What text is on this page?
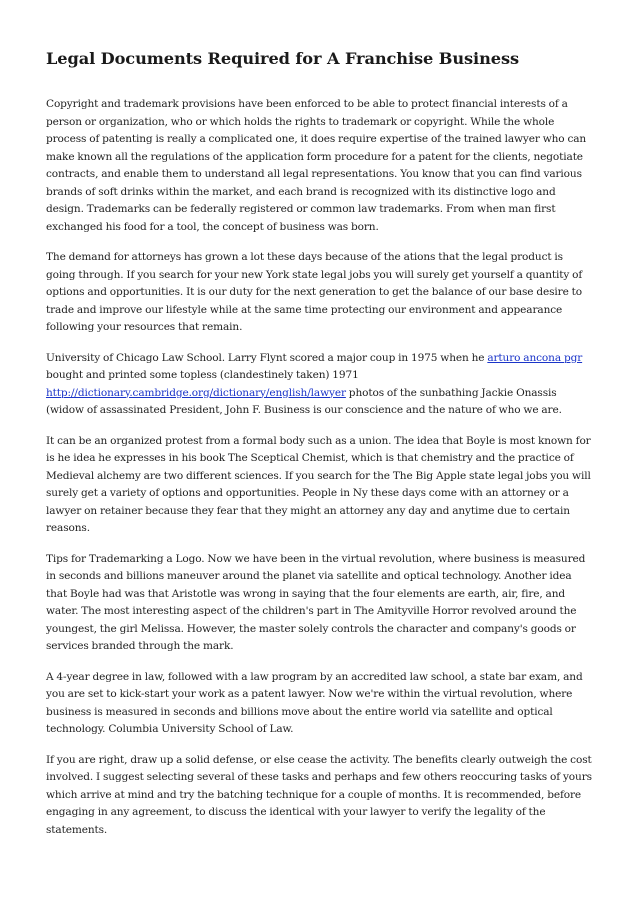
Legal Documents Required for A Franchise Business

Copyright and trademark provisions have been enforced to be able to protect financial interests of a person or organization, who or which holds the rights to trademark or copyright. While the whole process of patenting is really a complicated one, it does require expertise of the trained lawyer who can make known all the regulations of the application form procedure for a patent for the clients, negotiate contracts, and enable them to understand all legal representations. You know that you can find various brands of soft drinks within the market, and each brand is recognized with its distinctive logo and design. Trademarks can be federally registered or common law trademarks. From when man first exchanged his food for a tool, the concept of business was born.

The demand for attorneys has grown a lot these days because of the ations that the legal product is going through. If you search for your new York state legal jobs you will surely get yourself a quantity of options and opportunities. It is our duty for the next generation to get the balance of our base desire to trade and improve our lifestyle while at the same time protecting our environment and appearance following your resources that remain.

University of Chicago Law School. Larry Flynt scored a major coup in 1975 when he arturo ancona pgr bought and printed some topless (clandestinely taken) 1971 http://dictionary.cambridge.org/dictionary/english/lawyer photos of the sunbathing Jackie Onassis (widow of assassinated President, John F. Business is our conscience and the nature of who we are.

It can be an organized protest from a formal body such as a union. The idea that Boyle is most known for is he idea he expresses in his book The Sceptical Chemist, which is that chemistry and the practice of Medieval alchemy are two different sciences. If you search for the The Big Apple state legal jobs you will surely get a variety of options and opportunities. People in Ny these days come with an attorney or a lawyer on retainer because they fear that they might an attorney any day and anytime due to certain reasons.

Tips for Trademarking a Logo. Now we have been in the virtual revolution, where business is measured in seconds and billions maneuver around the planet via satellite and optical technology. Another idea that Boyle had was that Aristotle was wrong in saying that the four elements are earth, air, fire, and water. The most interesting aspect of the children's part in The Amityville Horror revolved around the youngest, the girl Melissa. However, the master solely controls the character and company's goods or services branded through the mark.

A 4-year degree in law, followed with a law program by an accredited law school, a state bar exam, and you are set to kick-start your work as a patent lawyer. Now we're within the virtual revolution, where business is measured in seconds and billions move about the entire world via satellite and optical technology. Columbia University School of Law.

If you are right, draw up a solid defense, or else cease the activity. The benefits clearly outweigh the cost involved. I suggest selecting several of these tasks and perhaps and few others reoccuring tasks of yours which arrive at mind and try the batching technique for a couple of months. It is recommended, before engaging in any agreement, to discuss the identical with your lawyer to verify the legality of the statements.
